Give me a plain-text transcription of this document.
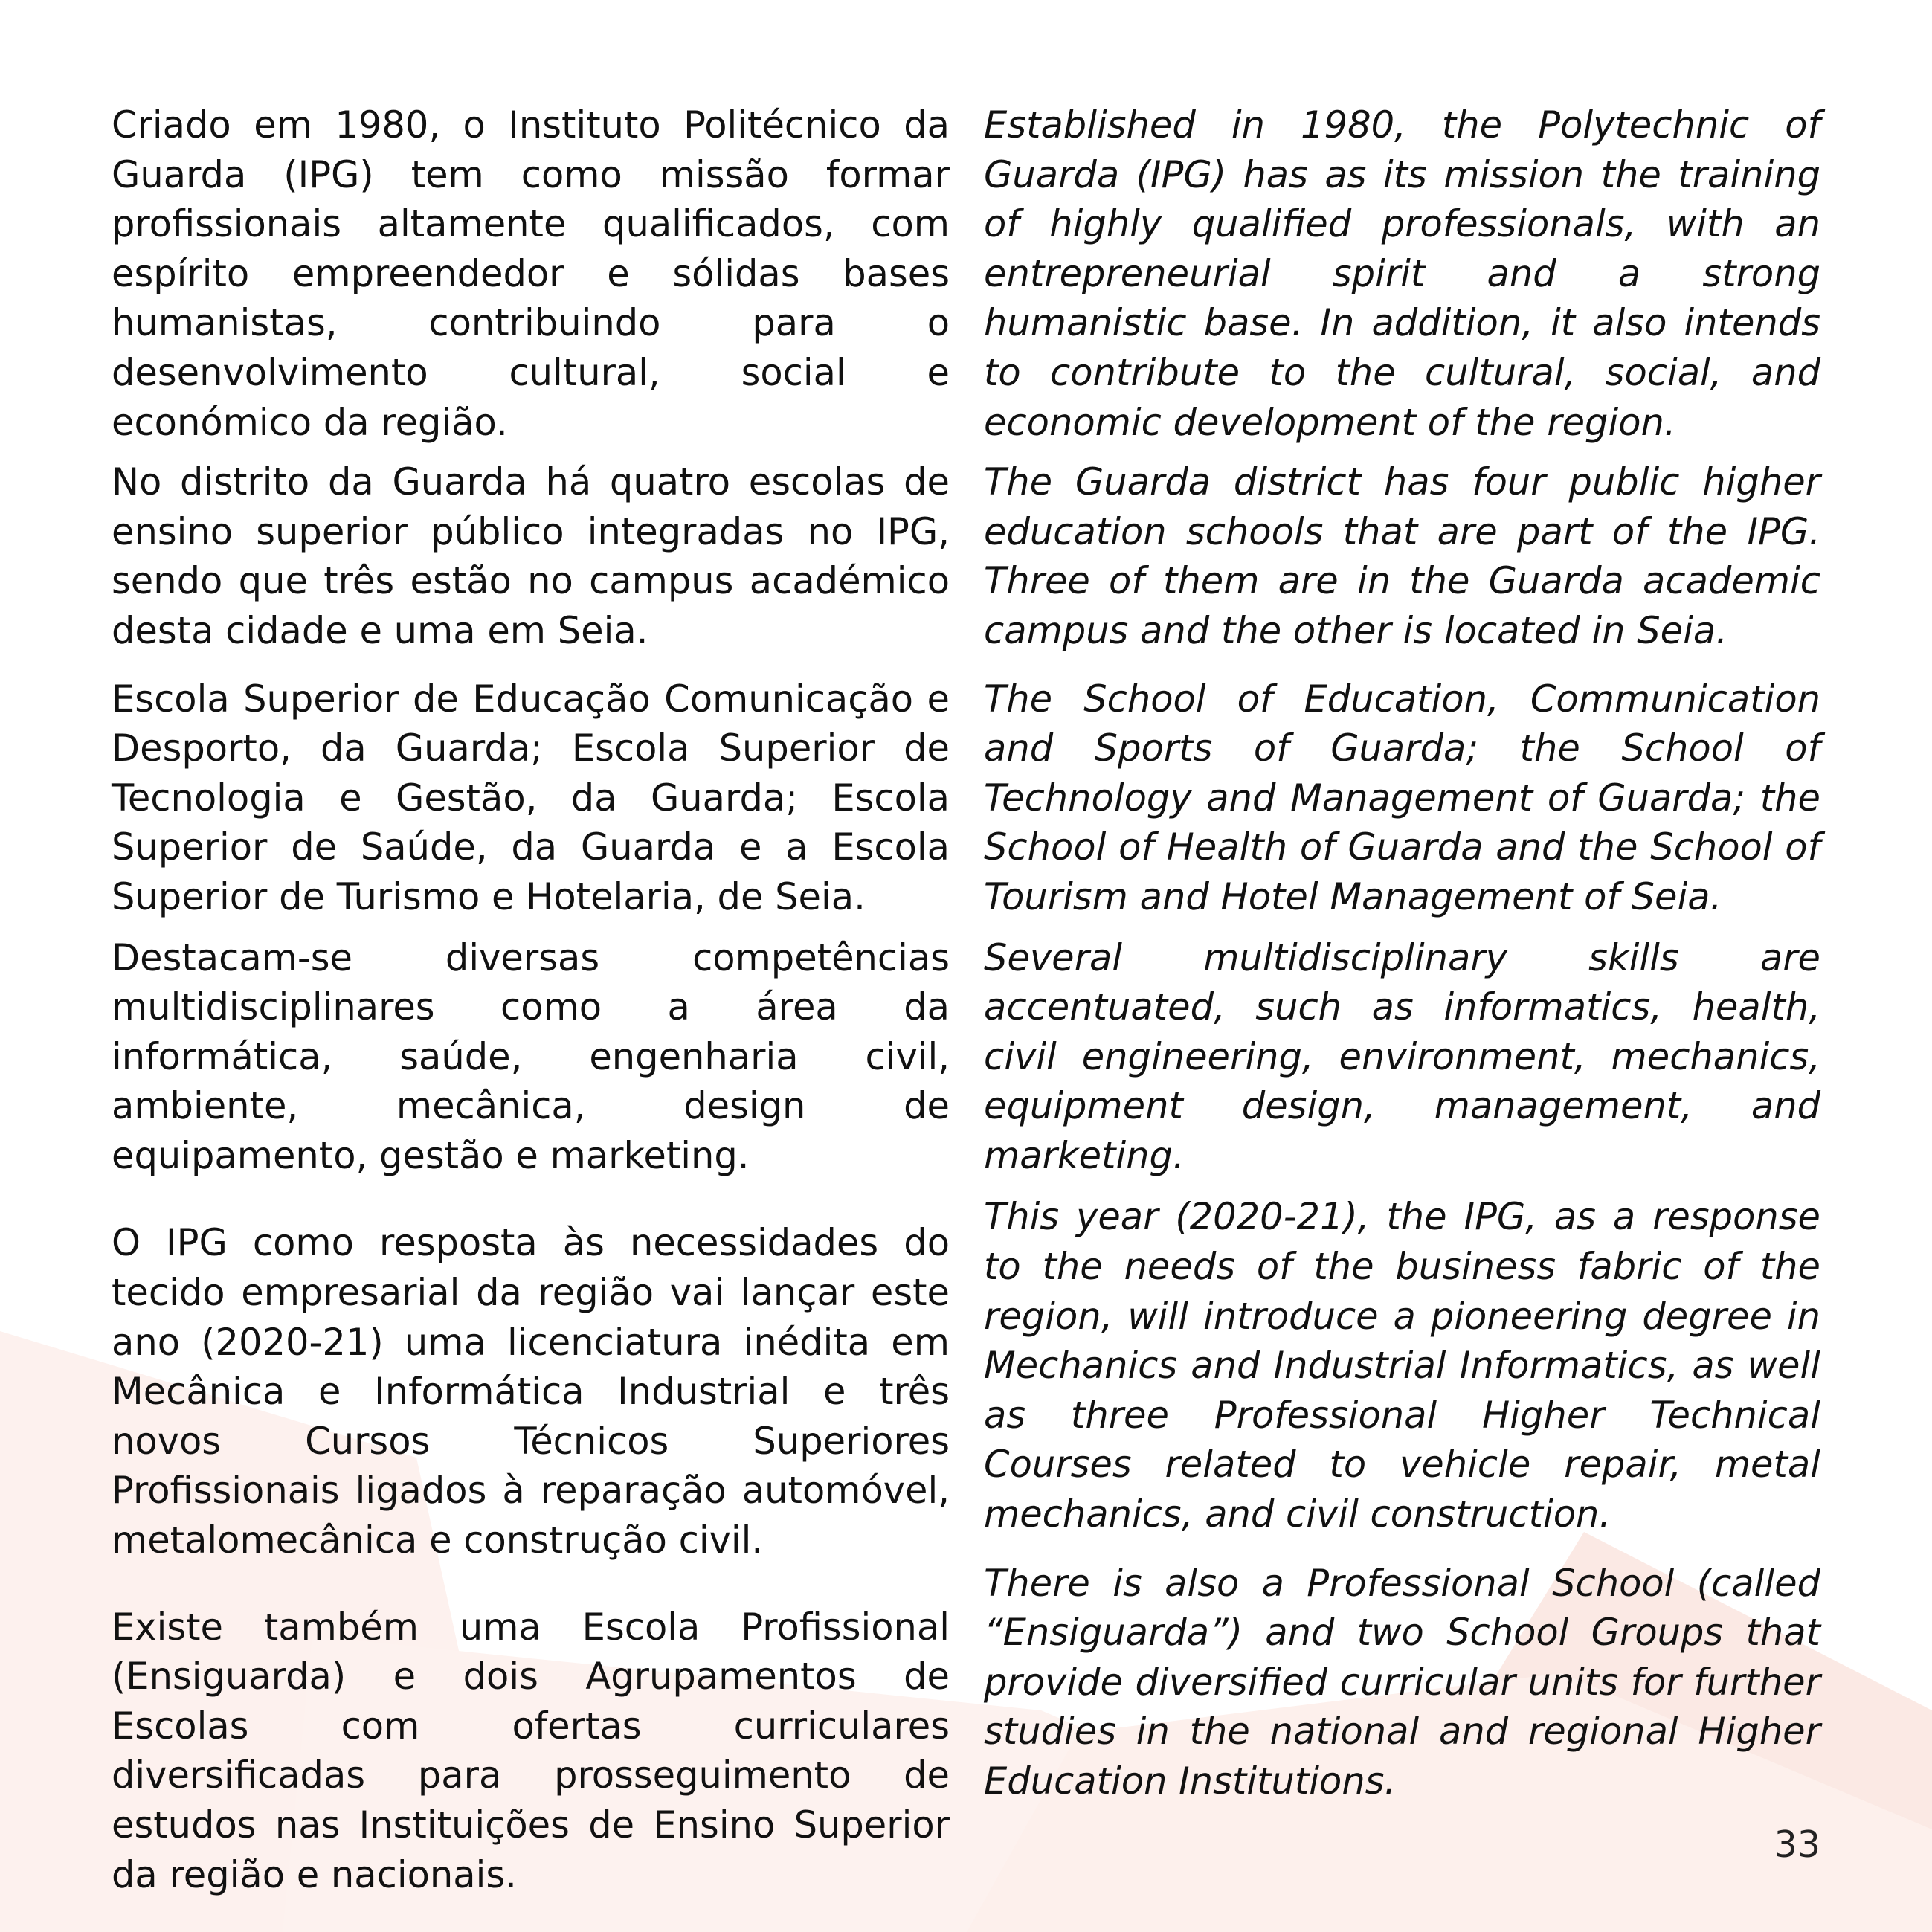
Criado em 1980, o Instituto Politécnico da Guarda (IPG) tem como missão formar profissionais altamente qualificados, com espírito empreendedor e sólidas bases humanistas, contribuindo para o desenvolvimento cultural, social e económico da região.

No distrito da Guarda há quatro escolas de ensino superior público integradas no IPG, sendo que três estão no campus académico desta cidade e uma em Seia.

Escola Superior de Educação Comunicação e Desporto, da Guarda; Escola Superior de Tecnologia e Gestão, da Guarda; Escola Superior de Saúde, da Guarda e a Escola Superior de Turismo e Hotelaria, de Seia.

Destacam-se diversas competências multidisciplinares como a área da informática, saúde, engenharia civil, ambiente, mecânica, design de equipamento, gestão e marketing.

O IPG como resposta às necessidades do tecido empresarial da região vai lançar este ano (2020-21) uma licenciatura inédita em Mecânica e Informática Industrial e três novos Cursos Técnicos Superiores Profissionais ligados à reparação automóvel, metalomecânica e construção civil.

Existe também uma Escola Profissional (Ensiguarda) e dois Agrupamentos de Escolas com ofertas curriculares diversificadas para prosseguimento de estudos nas Instituições de Ensino Superior da região e nacionais.

Established in 1980, the Polytechnic of Guarda (IPG) has as its mission the training of highly qualified professionals, with an entrepreneurial spirit and a strong humanistic base. In addition, it also intends to contribute to the cultural, social, and economic development of the region.

The Guarda district has four public higher education schools that are part of the IPG. Three of them are in the Guarda academic campus and the other is located in Seia.

The School of Education, Communication and Sports of Guarda; the School of Technology and Management of Guarda; the School of Health of Guarda and the School of Tourism and Hotel Management of Seia.

Several multidisciplinary skills are accentuated, such as informatics, health, civil engineering, environment, mechanics, equipment design, management, and marketing.

This year (2020-21), the IPG, as a response to the needs of the business fabric of the region, will introduce a pioneering degree in Mechanics and Industrial Informatics, as well as three Professional Higher Technical Courses related to vehicle repair, metal mechanics, and civil construction.

There is also a Professional School (called “Ensiguarda”) and two School Groups that provide diversified curricular units for further studies in the national and regional Higher Education Institutions.

33
